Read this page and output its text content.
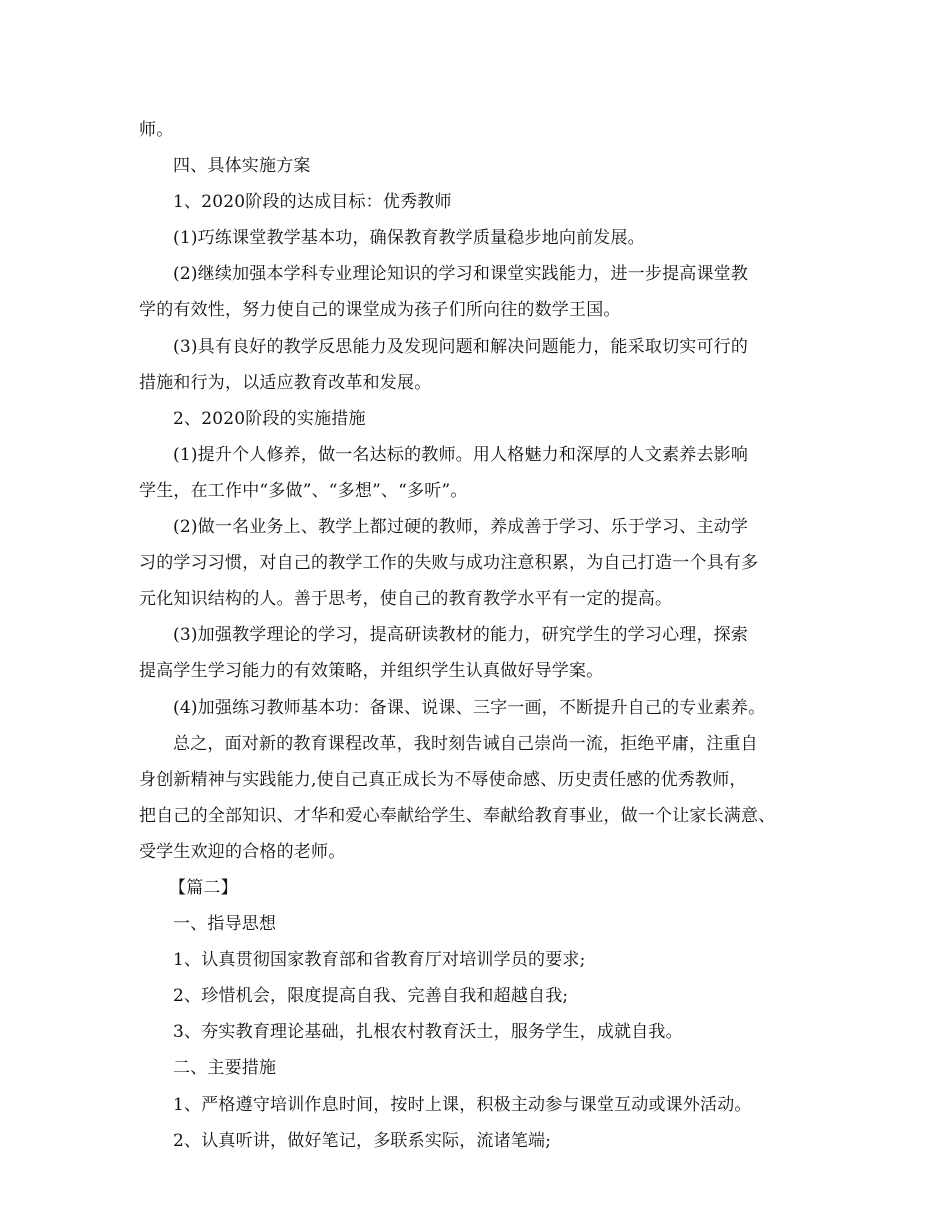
师。
四、具体实施方案
1、2020阶段的达成目标：优秀教师
(1)巧练课堂教学基本功，确保教育教学质量稳步地向前发展。
(2)继续加强本学科专业理论知识的学习和课堂实践能力，进一步提高课堂教
学的有效性，努力使自己的课堂成为孩子们所向往的数学王国。
(3)具有良好的教学反思能力及发现问题和解决问题能力，能采取切实可行的
措施和行为，以适应教育改革和发展。
2、2020阶段的实施措施
(1)提升个人修养，做一名达标的教师。用人格魅力和深厚的人文素养去影响
学生，在工作中“多做”、“多想”、“多听”。
(2)做一名业务上、教学上都过硬的教师，养成善于学习、乐于学习、主动学
习的学习习惯，对自己的教学工作的失败与成功注意积累，为自己打造一个具有多
元化知识结构的人。善于思考，使自己的教育教学水平有一定的提高。
(3)加强教学理论的学习，提高研读教材的能力，研究学生的学习心理，探索
提高学生学习能力的有效策略，并组织学生认真做好导学案。
(4)加强练习教师基本功：备课、说课、三字一画，不断提升自己的专业素养。
总之，面对新的教育课程改革，我时刻告诫自己崇尚一流，拒绝平庸，注重自
身创新精神与实践能力,使自己真正成长为不辱使命感、历史责任感的优秀教师，
把自己的全部知识、才华和爱心奉献给学生、奉献给教育事业，做一个让家长满意、
受学生欢迎的合格的老师。
【篇二】
一、指导思想
1、认真贯彻国家教育部和省教育厅对培训学员的要求;
2、珍惜机会，限度提高自我、完善自我和超越自我;
3、夯实教育理论基础，扎根农村教育沃土，服务学生，成就自我。
二、主要措施
1、严格遵守培训作息时间，按时上课，积极主动参与课堂互动或课外活动。
2、认真听讲，做好笔记，多联系实际，流诸笔端;
